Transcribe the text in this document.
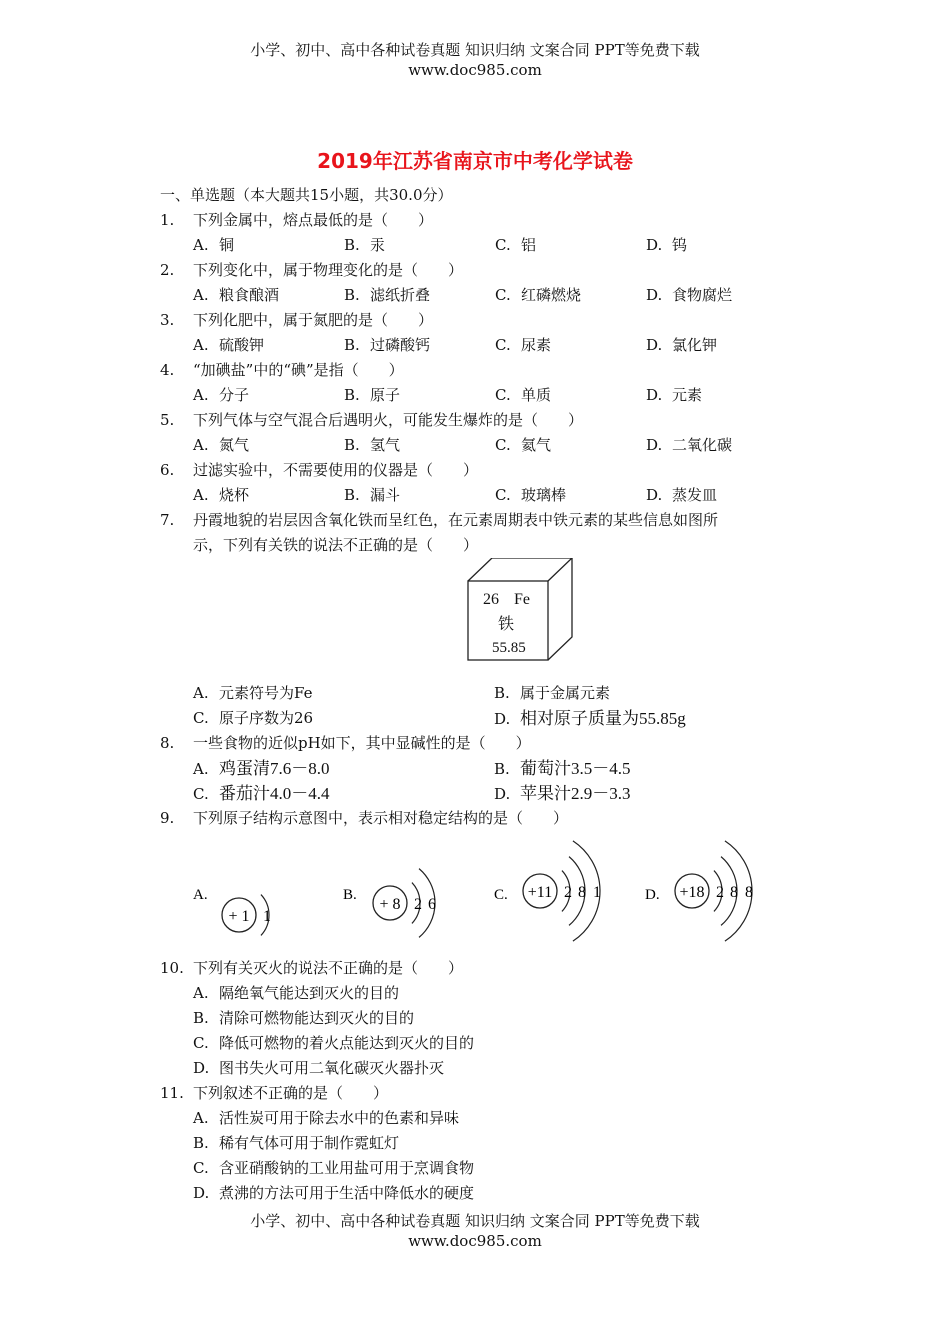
小学、初中、高中各种试卷真题 知识归纳 文案合同 PPT等免费下载
www.doc985.com
2019年江苏省南京市中考化学试卷
一、单选题（本大题共15小题，共30.0分）
1. 下列金属中，熔点最低的是（　　）
A. 铜	B. 汞	C. 铝	D. 钨
2. 下列变化中，属于物理变化的是（　　）
A. 粮食酿酒	B. 滤纸折叠	C. 红磷燃烧	D. 食物腐烂
3. 下列化肥中，属于氮肥的是（　　）
A. 硫酸钾	B. 过磷酸钙	C. 尿素	D. 氯化钾
4. “加碘盐”中的“碘”是指（　　）
A. 分子	B. 原子	C. 单质	D. 元素
5. 下列气体与空气混合后遇明火，可能发生爆炸的是（　　）
A. 氮气	B. 氢气	C. 氦气	D. 二氧化碳
6. 过滤实验中，不需要使用的仪器是（　　）
A. 烧杯	B. 漏斗	C. 玻璃棒	D. 蒸发皿
7. 丹霞地貌的岩层因含氧化铁而呈红色，在元素周期表中铁元素的某些信息如图所
示，下列有关铁的说法不正确的是（　　）
26 Fe
铁
55.85
A. 元素符号为Fe	B. 属于金属元素
C. 原子序数为26	D. 相对原子质量为55.85g
8. 一些食物的近似pH如下，其中显碱性的是（　　）
A. 鸡蛋清7.6－8.0	B. 葡萄汁3.5－4.5
C. 番茄汁4.0－4.4	D. 苹果汁2.9－3.3
9. 下列原子结构示意图中，表示相对稳定结构的是（　　）
A.
+ 1 1
B.
+ 8 2 6
C. +11 2 8 1	D. +18 2 8 8
10. 下列有关灭火的说法不正确的是（　　）
A. 隔绝氧气能达到灭火的目的
B. 清除可燃物能达到灭火的目的
C. 降低可燃物的着火点能达到灭火的目的
D. 图书失火可用二氧化碳灭火器扑灭
11. 下列叙述不正确的是（　　）
A. 活性炭可用于除去水中的色素和异味
B. 稀有气体可用于制作霓虹灯
C. 含亚硝酸钠的工业用盐可用于烹调食物
D. 煮沸的方法可用于生活中降低水的硬度
小学、初中、高中各种试卷真题 知识归纳 文案合同 PPT等免费下载
www.doc985.com
